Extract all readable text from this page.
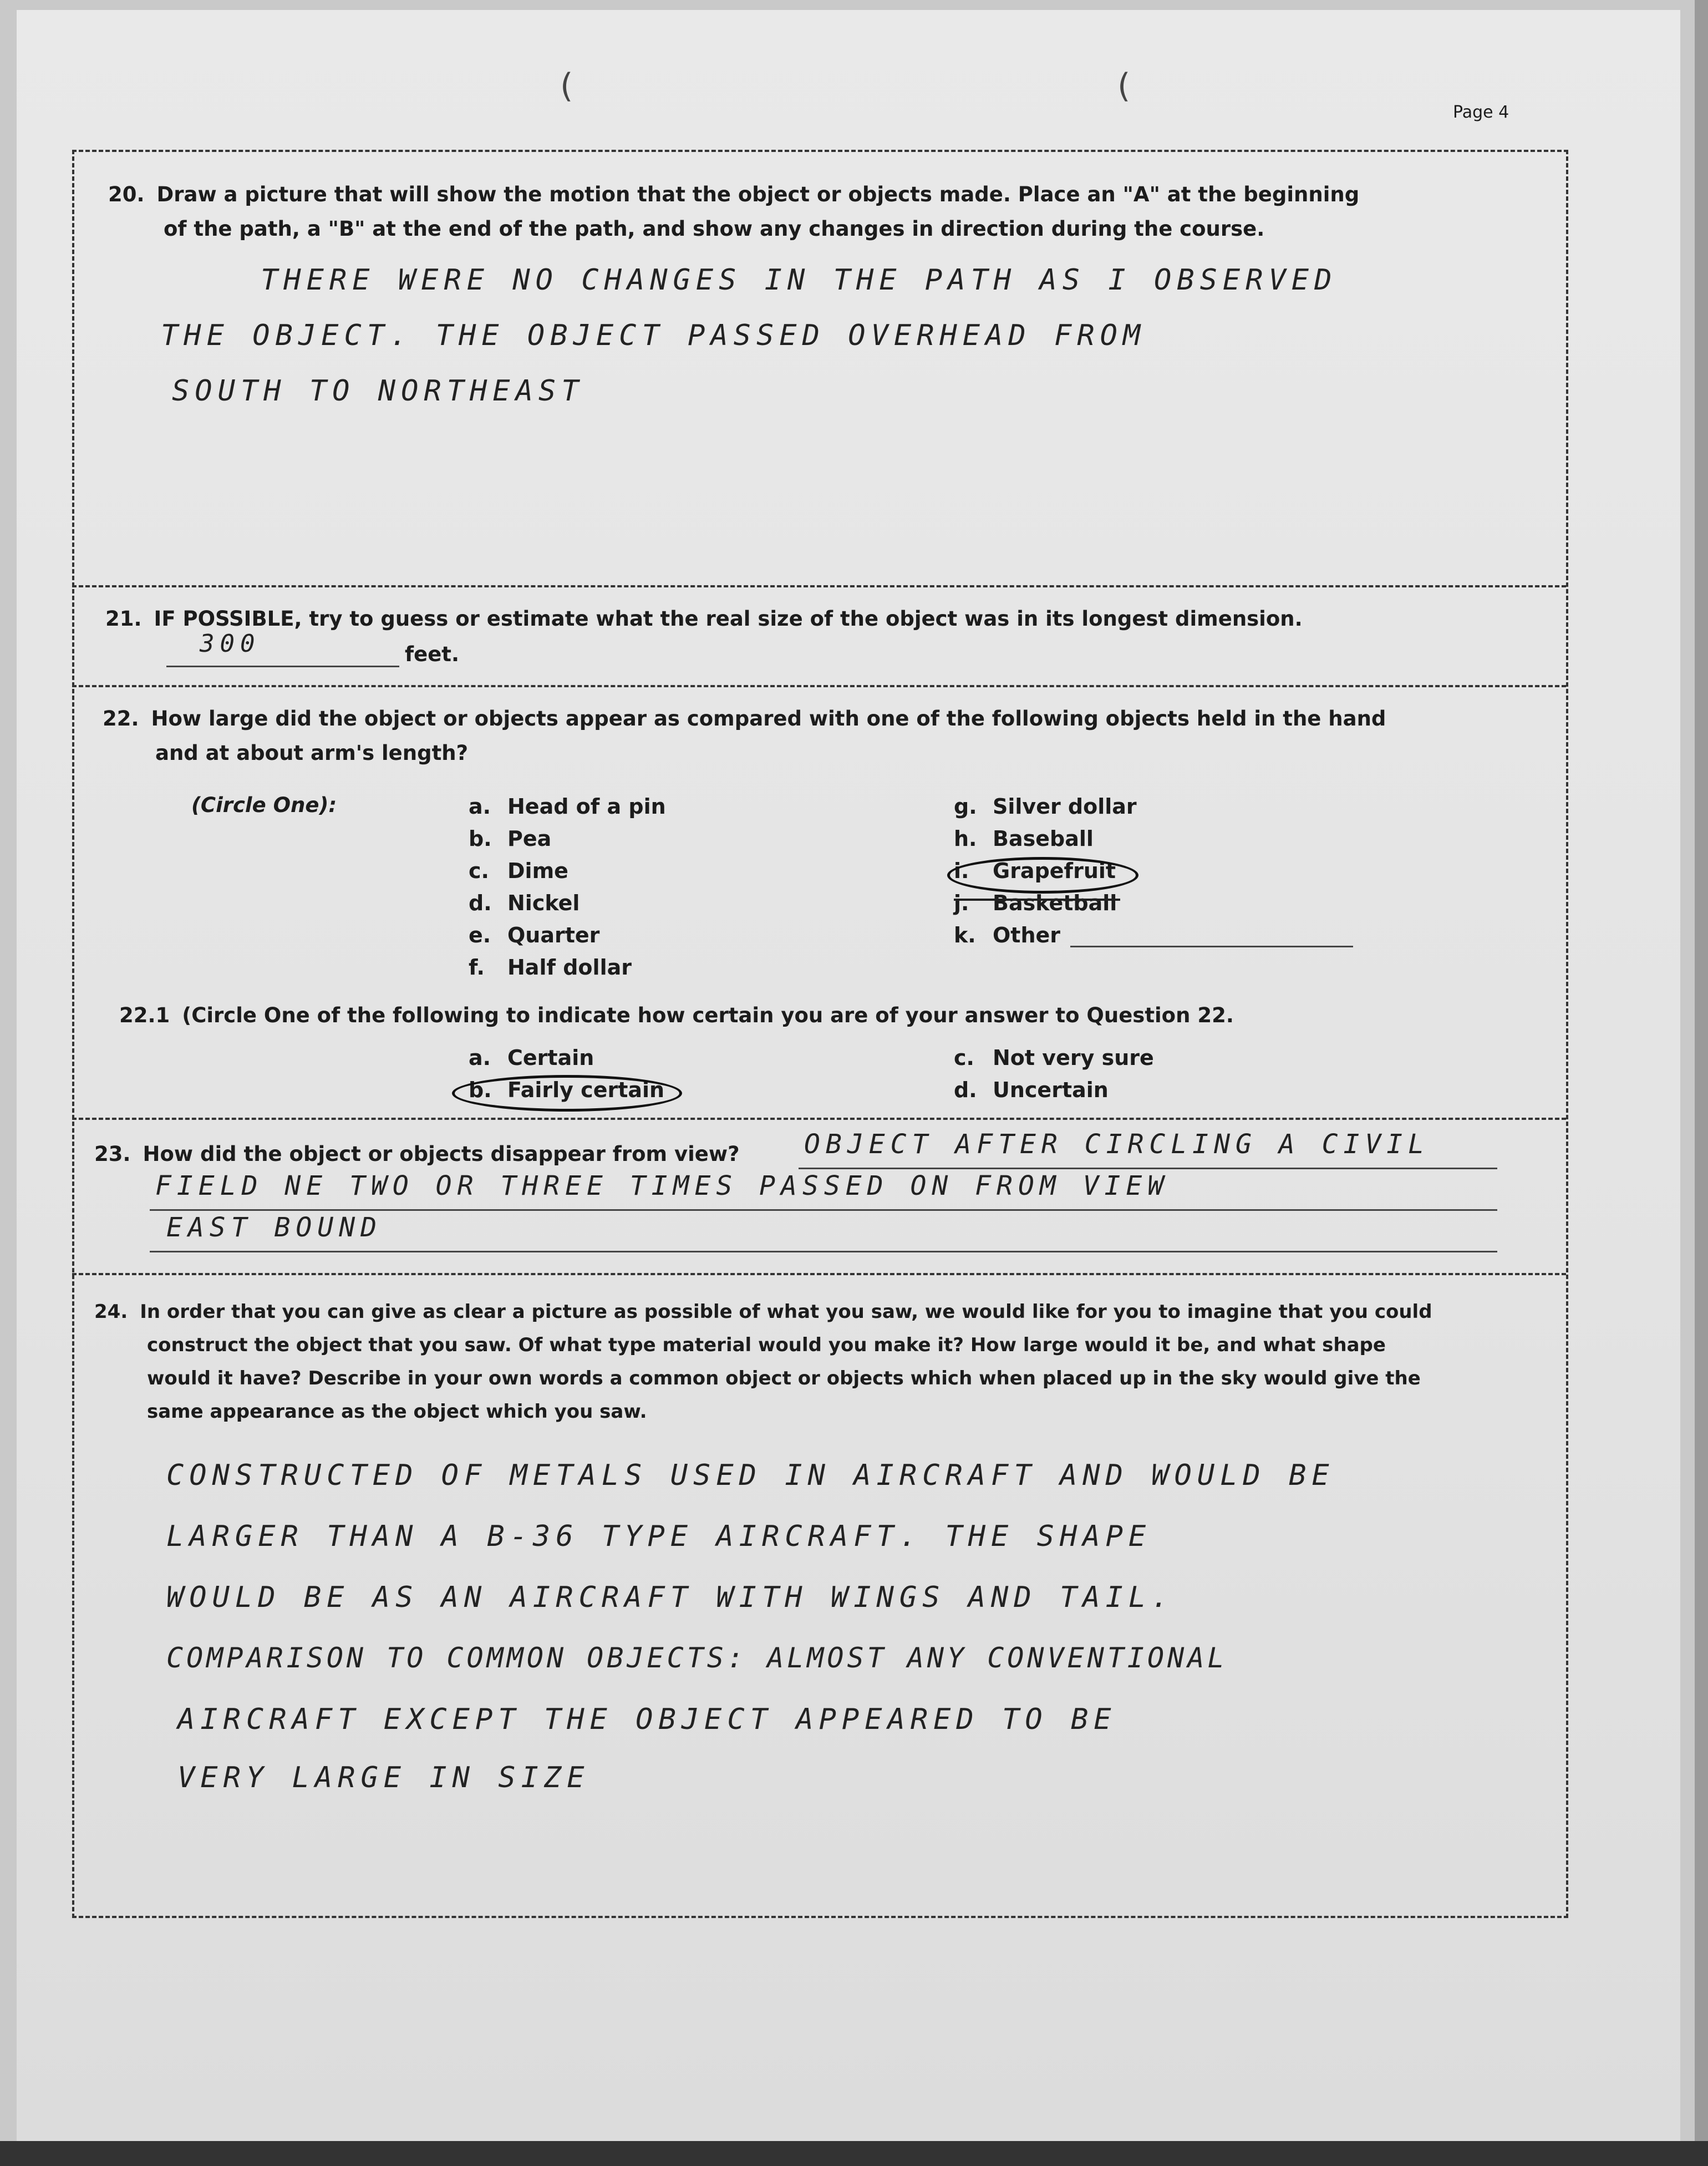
(	(
Page 4
20. Draw a picture that will show the motion that the object or objects made. Place an "A" at the beginning
of the path, a "B" at the end of the path, and show any changes in direction during the course.
THERE WERE NO CHANGES IN THE PATH AS I OBSERVED
THE OBJECT. THE OBJECT PASSED OVERHEAD FROM
SOUTH TO NORTHEAST
21. IF POSSIBLE, try to guess or estimate what the real size of the object was in its longest dimension.
300	feet.
22. How large did the object or objects appear as compared with one of the following objects held in the hand
and at about arm's length?
(Circle One):	a. Head of a pin
b. Pea
c. Dime
d. Nickel
e. Quarter
f. Half dollar
g. Silver dollar
h. Baseball
i. Grapefruit
j. Basketball
k. Other
22.1 (Circle One of the following to indicate how certain you are of your answer to Question 22.
a. Certain
b. Fairly certain
c. Not very sure
d. Uncertain
23. How did the object or objects disappear from view? OBJECT AFTER CIRCLING A CIVIL
FIELD NE TWO OR THREE TIMES PASSED ON FROM VIEW
EAST BOUND
24. In order that you can give as clear a picture as possible of what you saw, we would like for you to imagine that you could
construct the object that you saw. Of what type material would you make it? How large would it be, and what shape
would it have? Describe in your own words a common object or objects which when placed up in the sky would give the
same appearance as the object which you saw.
CONSTRUCTED OF METALS USED IN AIRCRAFT AND WOULD BE
LARGER THAN A B-36 TYPE AIRCRAFT. THE SHAPE
WOULD BE AS AN AIRCRAFT WITH WINGS AND TAIL.
COMPARISON TO COMMON OBJECTS: ALMOST ANY CONVENTIONAL
AIRCRAFT EXCEPT THE OBJECT APPEARED TO BE
VERY LARGE IN SIZE
